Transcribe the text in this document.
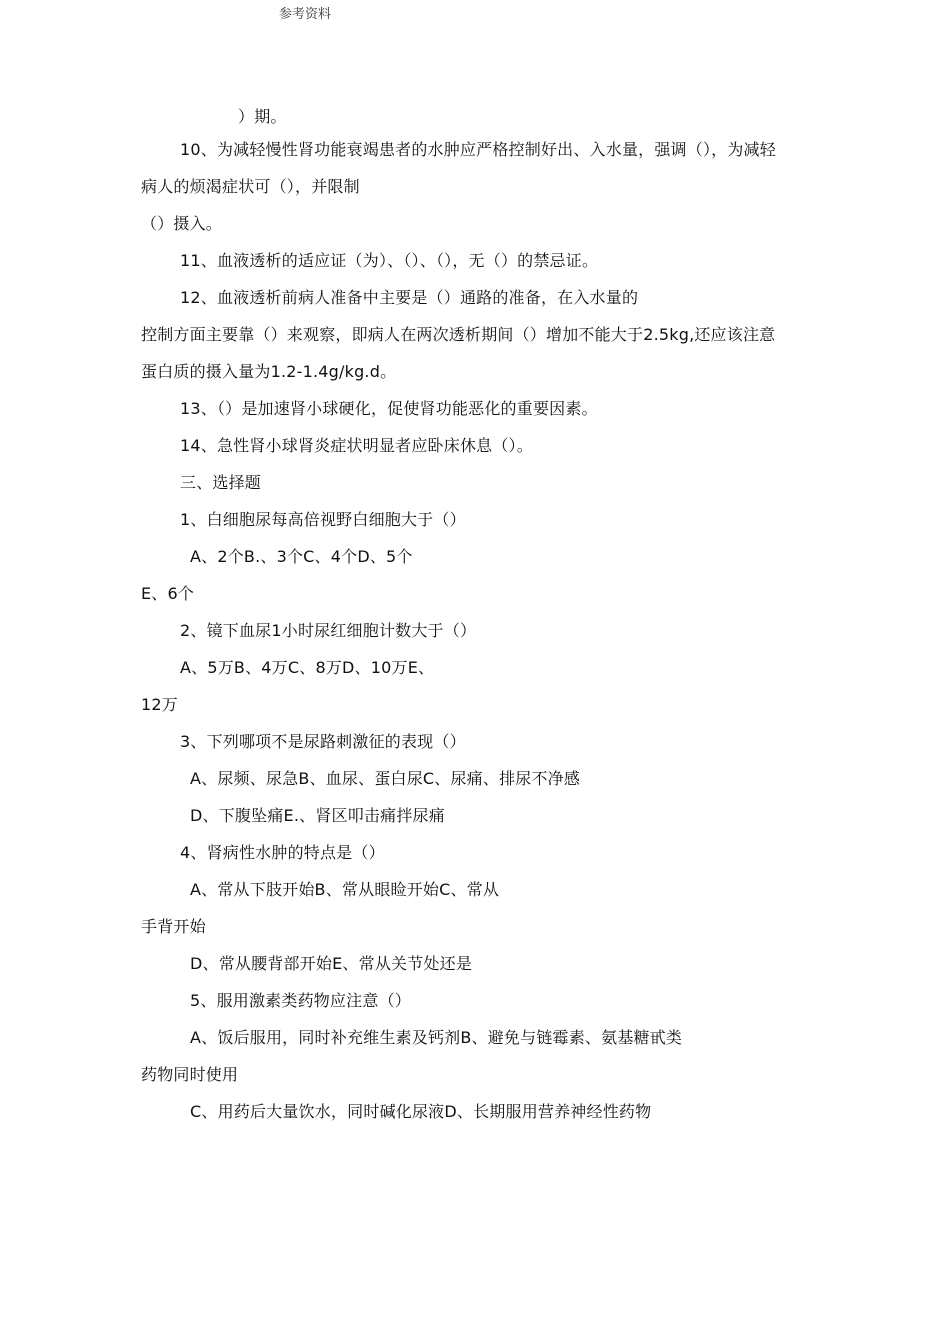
参考资料
）期。
10、为减轻慢性肾功能衰竭患者的水肿应严格控制好出、入水量，强调（），为减轻
病人的烦渴症状可（），并限制
（）摄入。
11、血液透析的适应证（为）、（）、（），无（）的禁忌证。
12、血液透析前病人准备中主要是（）通路的准备，在入水量的
控制方面主要靠（）来观察，即病人在两次透析期间（）增加不能大于2.5kg,还应该注意
蛋白质的摄入量为1.2-1.4g/kg.d。
13、（）是加速肾小球硬化，促使肾功能恶化的重要因素。
14、急性肾小球肾炎症状明显者应卧床休息（）。
三、选择题
1、白细胞尿每高倍视野白细胞大于（）
A、2个B.、3个C、4个D、5个
E、6个
2、镜下血尿1小时尿红细胞计数大于（）
A、5万B、4万C、8万D、10万E、
12万
3、下列哪项不是尿路刺激征的表现（）
A、尿频、尿急B、血尿、蛋白尿C、尿痛、排尿不净感
D、下腹坠痛E.、肾区叩击痛拌尿痛
4、肾病性水肿的特点是（）
A、常从下肢开始B、常从眼睑开始C、常从
手背开始
D、常从腰背部开始E、常从关节处还是
5、服用激素类药物应注意（）
A、饭后服用，同时补充维生素及钙剂B、避免与链霉素、氨基糖甙类
药物同时使用
C、用药后大量饮水，同时碱化尿液D、长期服用营养神经性药物
